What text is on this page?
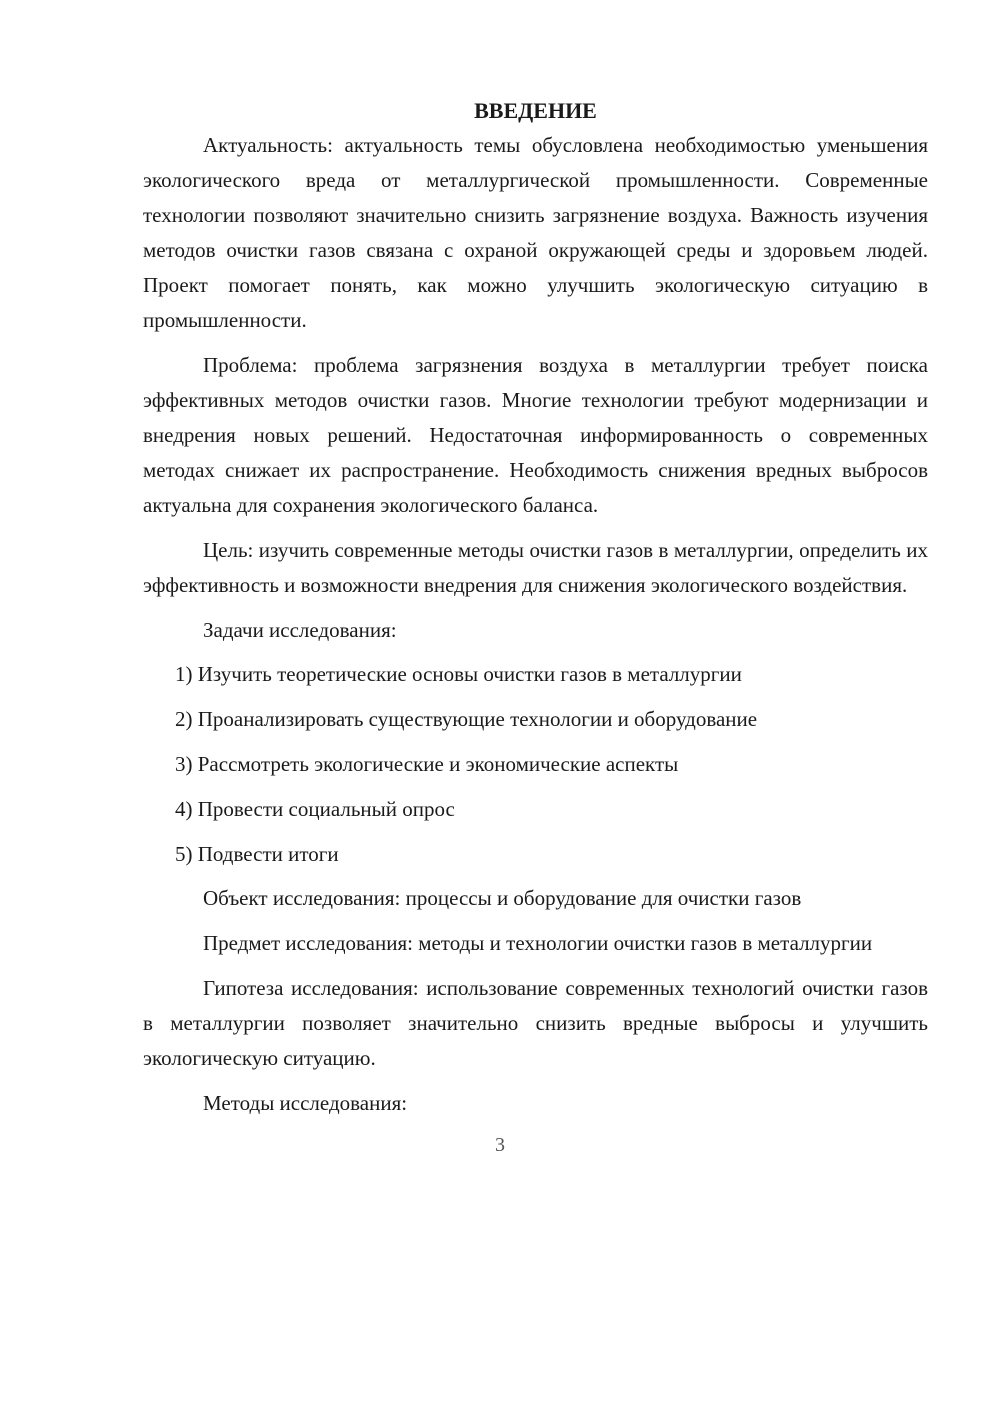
ВВЕДЕНИЕ

Актуальность: актуальность темы обусловлена необходимостью уменьшения экологического вреда от металлургической промышленности. Современные технологии позволяют значительно снизить загрязнение воздуха. Важность изучения методов очистки газов связана с охраной окружающей среды и здоровьем людей. Проект помогает понять, как можно улучшить экологическую ситуацию в промышленности.

Проблема: проблема загрязнения воздуха в металлургии требует поиска эффективных методов очистки газов. Многие технологии требуют модернизации и внедрения новых решений. Недостаточная информированность о современных методах снижает их распространение. Необходимость снижения вредных выбросов актуальна для сохранения экологического баланса.

Цель: изучить современные методы очистки газов в металлургии, определить их эффективность и возможности внедрения для снижения экологического воздействия.

Задачи исследования:

1) Изучить теоретические основы очистки газов в металлургии
2) Проанализировать существующие технологии и оборудование
3) Рассмотреть экологические и экономические аспекты
4) Провести социальный опрос
5) Подвести итоги

Объект исследования: процессы и оборудование для очистки газов

Предмет исследования: методы и технологии очистки газов в металлургии

Гипотеза исследования: использование современных технологий очистки газов в металлургии позволяет значительно снизить вредные выбросы и улучшить экологическую ситуацию.

Методы исследования:

3
